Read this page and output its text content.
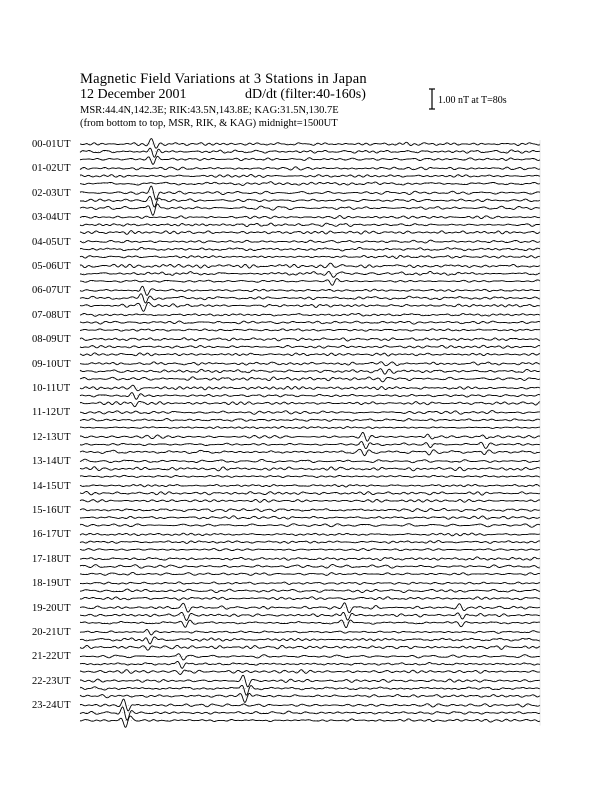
Magnetic Field Variations at 3 Stations in Japan
12 December 2001	dD/dt (filter:40-160s)
MSR:44.4N,142.3E; RIK:43.5N,143.8E; KAG:31.5N,130.7E
(from bottom to top, MSR, RIK, & KAG) midnight=1500UT
1.00 nT at T=80s
00-01UT
01-02UT
02-03UT
03-04UT
04-05UT
05-06UT
06-07UT
07-08UT
08-09UT
09-10UT
10-11UT
11-12UT
12-13UT
13-14UT
14-15UT
15-16UT
16-17UT
17-18UT
18-19UT
19-20UT
20-21UT
21-22UT
22-23UT
23-24UT
